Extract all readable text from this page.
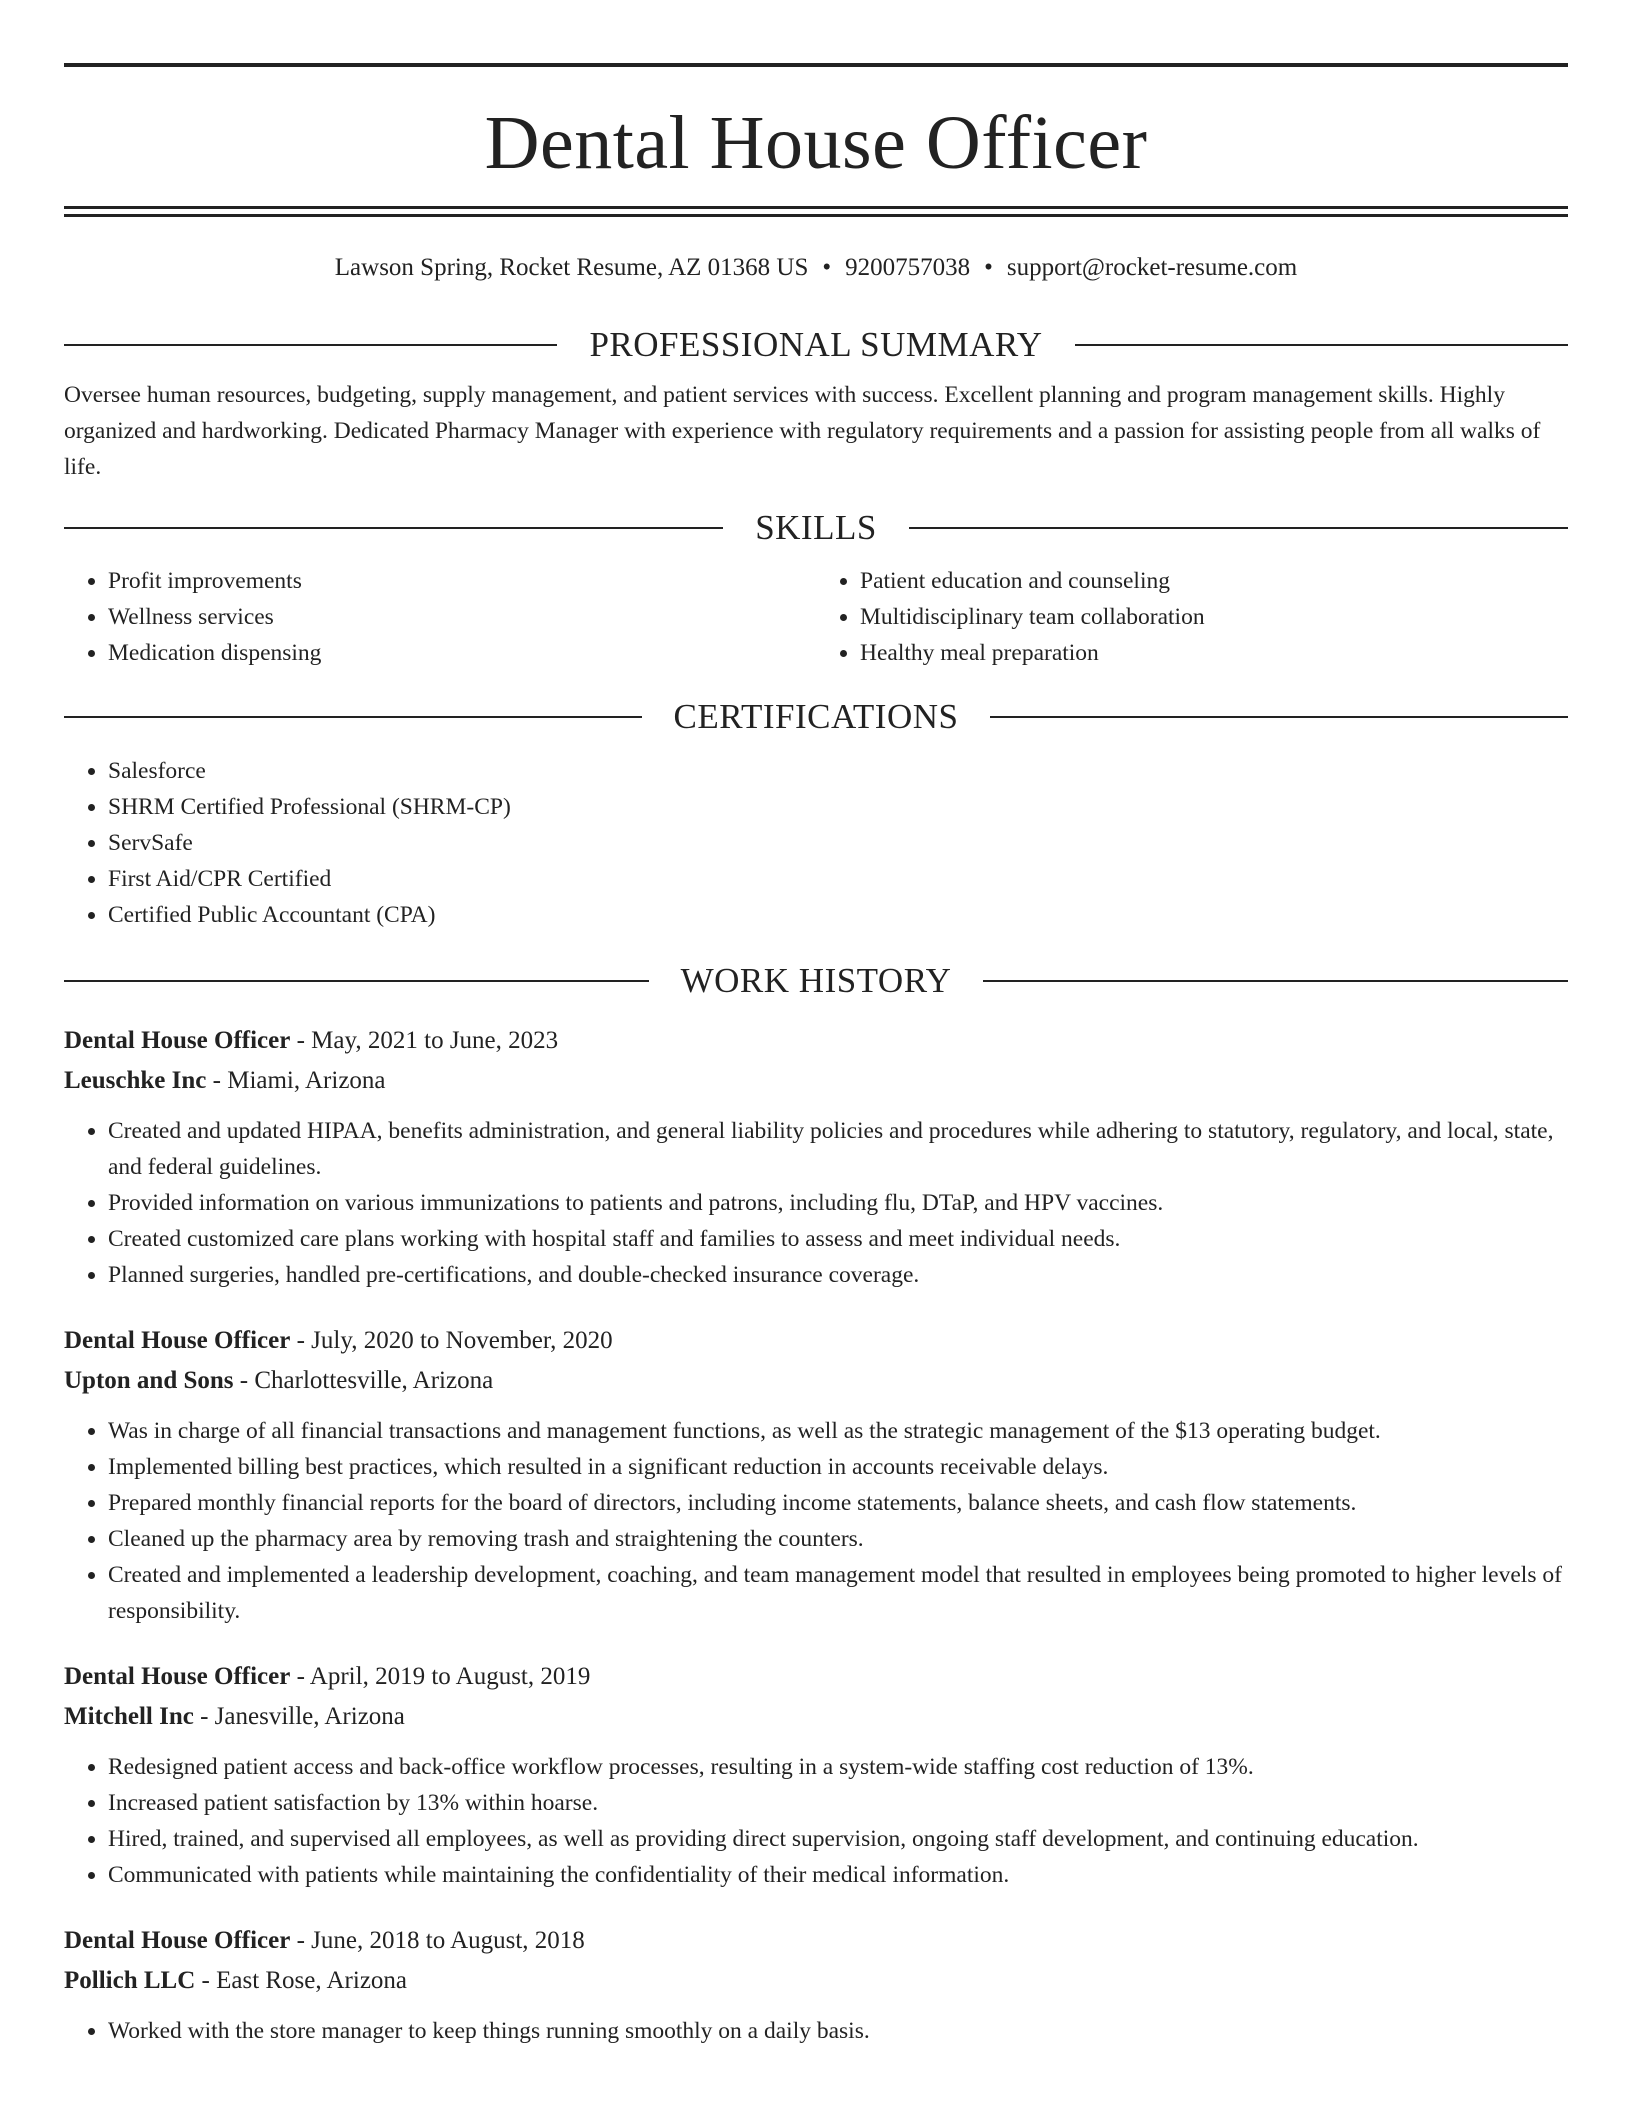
Dental House Officer
Lawson Spring, Rocket Resume, AZ 01368 US • 9200757038 • support@rocket-resume.com
PROFESSIONAL SUMMARY

Oversee human resources, budgeting, supply management, and patient services with success. Excellent planning and program management skills. Highly organized and hardworking. Dedicated Pharmacy Manager with experience with regulatory requirements and a passion for assisting people from all walks of life.

SKILLS
• Profit improvements
• Wellness services
• Medication dispensing
• Patient education and counseling
• Multidisciplinary team collaboration
• Healthy meal preparation
CERTIFICATIONS
• Salesforce
• SHRM Certified Professional (SHRM-CP)
• ServSafe
• First Aid/CPR Certified
• Certified Public Accountant (CPA)
WORK HISTORY
Dental House Officer - May, 2021 to June, 2023
Leuschke Inc - Miami, Arizona
• Created and updated HIPAA, benefits administration, and general liability policies and procedures while adhering to statutory, regulatory, and local, state, and federal guidelines.
• Provided information on various immunizations to patients and patrons, including flu, DTaP, and HPV vaccines.
• Created customized care plans working with hospital staff and families to assess and meet individual needs.
• Planned surgeries, handled pre-certifications, and double-checked insurance coverage.
Dental House Officer - July, 2020 to November, 2020
Upton and Sons - Charlottesville, Arizona
• Was in charge of all financial transactions and management functions, as well as the strategic management of the $13 operating budget.
• Implemented billing best practices, which resulted in a significant reduction in accounts receivable delays.
• Prepared monthly financial reports for the board of directors, including income statements, balance sheets, and cash flow statements.
• Cleaned up the pharmacy area by removing trash and straightening the counters.
• Created and implemented a leadership development, coaching, and team management model that resulted in employees being promoted to higher levels of responsibility.
Dental House Officer - April, 2019 to August, 2019
Mitchell Inc - Janesville, Arizona
• Redesigned patient access and back-office workflow processes, resulting in a system-wide staffing cost reduction of 13%.
• Increased patient satisfaction by 13% within hoarse.
• Hired, trained, and supervised all employees, as well as providing direct supervision, ongoing staff development, and continuing education.
• Communicated with patients while maintaining the confidentiality of their medical information.
Dental House Officer - June, 2018 to August, 2018
Pollich LLC - East Rose, Arizona
• Worked with the store manager to keep things running smoothly on a daily basis.
